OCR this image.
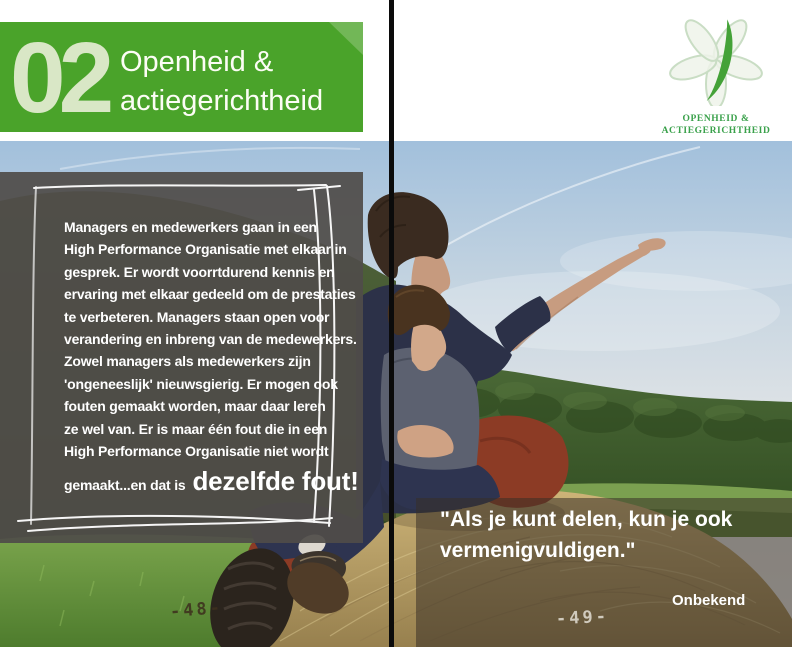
02 Openheid &
actiegerichtheid
Managers en medewerkers gaan in een
High Performance Organisatie met elkaar in
gesprek. Er wordt voorrtdurend kennis en
ervaring met elkaar gedeeld om de prestaties
te verbeteren. Managers staan open voor
verandering en inbreng van de medewerkers.
Zowel managers als medewerkers zijn
'ongeneeslijk' nieuwsgierig. Er mogen ook
fouten gemaakt worden, maar daar leren
ze wel van. Er is maar één fout die in een
High Performance Organisatie niet wordt
gemaakt...en dat is dezelfde fout!
OPENHEID &
ACTIEGERICHTHEID
"Als je kunt delen, kun je ook
vermenigvuldigen."
Onbekend
-48-	-49-
